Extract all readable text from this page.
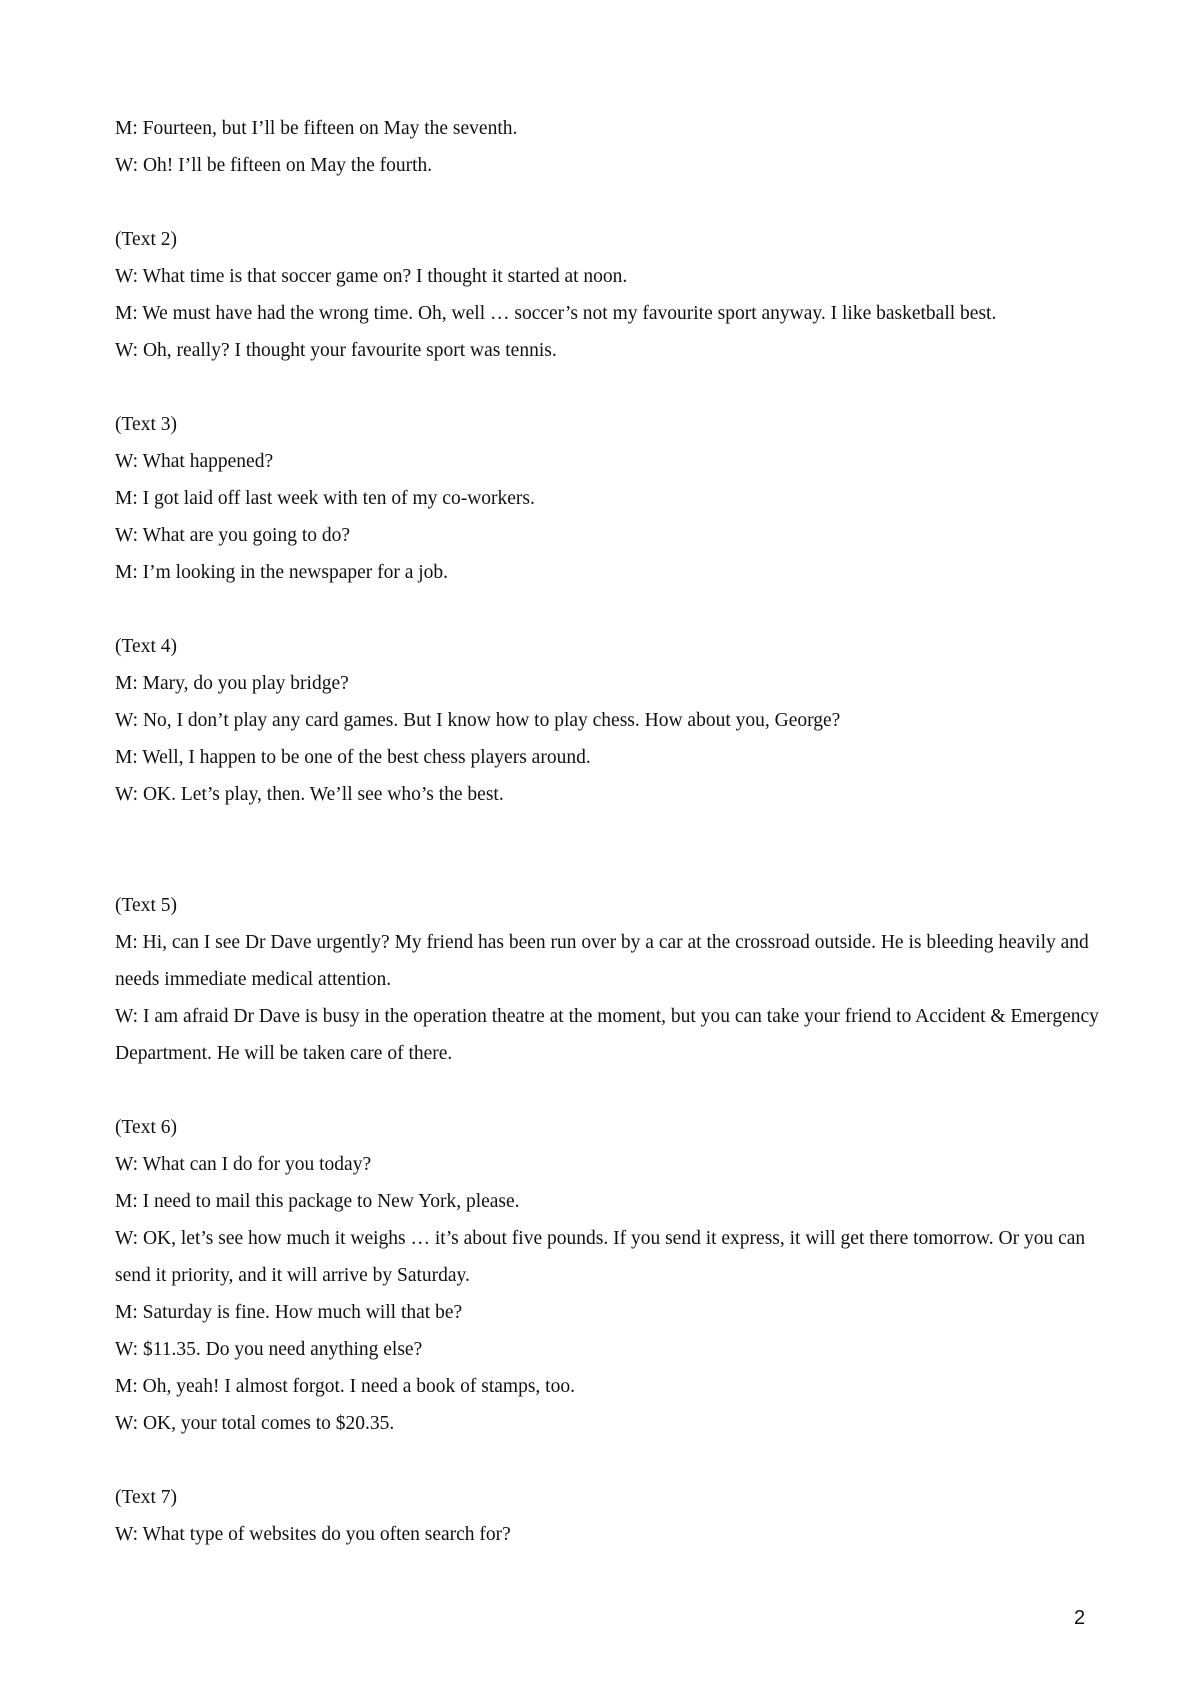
M: Fourteen, but I’ll be fifteen on May the seventh.

W: Oh! I’ll be fifteen on May the fourth.

(Text 2)

W: What time is that soccer game on? I thought it started at noon.

M: We must have had the wrong time. Oh, well … soccer’s not my favourite sport anyway. I like basketball best.

W: Oh, really? I thought your favourite sport was tennis.

(Text 3)

W: What happened?

M: I got laid off last week with ten of my co-workers.

W: What are you going to do?

M: I’m looking in the newspaper for a job.

(Text 4)

M: Mary, do you play bridge?

W: No, I don’t play any card games. But I know how to play chess. How about you, George?

M: Well, I happen to be one of the best chess players around.

W: OK. Let’s play, then. We’ll see who’s the best.

(Text 5)

M: Hi, can I see Dr Dave urgently? My friend has been run over by a car at the crossroad outside. He is bleeding heavily and needs immediate medical attention.

W: I am afraid Dr Dave is busy in the operation theatre at the moment, but you can take your friend to Accident & Emergency Department. He will be taken care of there.

(Text 6)

W: What can I do for you today?

M: I need to mail this package to New York, please.

W: OK, let’s see how much it weighs … it’s about five pounds. If you send it express, it will get there tomorrow. Or you can send it priority, and it will arrive by Saturday.

M: Saturday is fine. How much will that be?

W: $11.35. Do you need anything else?

M: Oh, yeah! I almost forgot. I need a book of stamps, too.

W: OK, your total comes to $20.35.

(Text 7)

W: What type of websites do you often search for?

2
